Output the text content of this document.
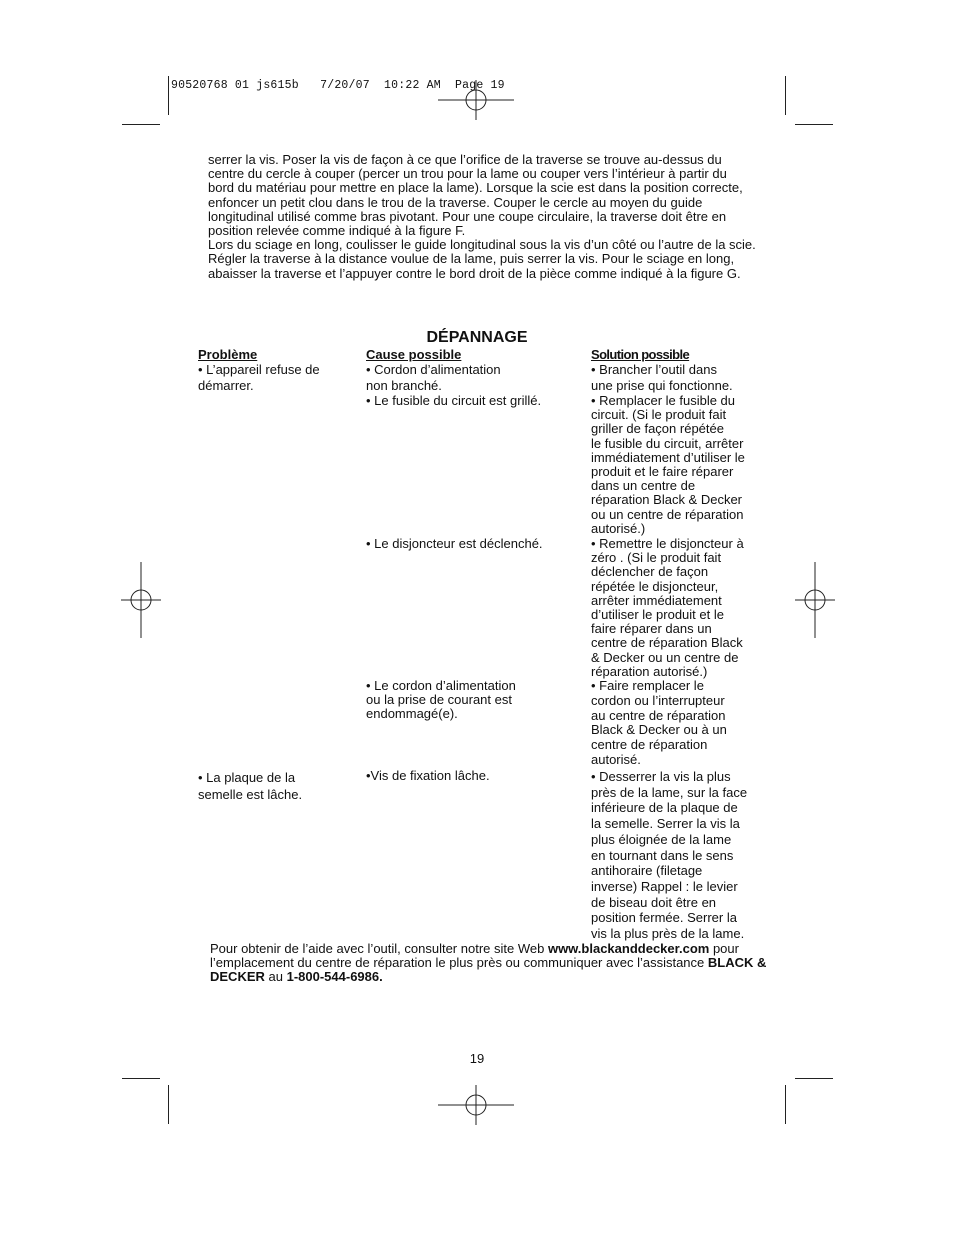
90520768 01 js615b   7/20/07  10:22 AM  Page 19

serrer la vis. Poser la vis de façon à ce que l’orifice de la traverse se trouve au-dessus du centre du cercle à couper (percer un trou pour la lame ou couper vers l’intérieur à partir du bord du matériau pour mettre en place la lame). Lorsque la scie est dans la position correcte, enfoncer un petit clou dans le trou de la traverse. Couper le cercle au moyen du guide longitudinal utilisé comme bras pivotant. Pour une coupe circulaire, la traverse doit être en position relevée comme indiqué à la figure F.

Lors du sciage en long, coulisser le guide longitudinal sous la vis d’un côté ou l’autre de la scie. Régler la traverse à la distance voulue de la lame, puis serrer la vis. Pour le sciage en long, abaisser la traverse et l’appuyer contre le bord droit de la pièce comme indiqué à la figure G.

DÉPANNAGE
Problème	Cause possible	Solution possible
• L’appareil refuse de
démarrer.
• La plaque de la
semelle est lâche.
• Cordon d’alimentation
non branché.
• Le fusible du circuit est grillé.
• Le disjoncteur est déclenché.
• Le cordon d’alimentation
ou la prise de courant est
endommagé(e).
•Vis de fixation lâche.
• Brancher l’outil dans
une prise qui fonctionne.
• Remplacer le fusible du
circuit. (Si le produit fait
griller de façon répétée
le fusible du circuit, arrêter
immédiatement d’utiliser le
produit et le faire réparer
dans un centre de
réparation Black & Decker
ou un centre de réparation
autorisé.)
• Remettre le disjoncteur à
zéro . (Si le produit fait
déclencher de façon
répétée le disjoncteur,
arrêter immédiatement
d’utiliser le produit et le
faire réparer dans un
centre de réparation Black
& Decker ou un centre de
réparation autorisé.)
• Faire remplacer le
cordon ou l’interrupteur
au centre de réparation
Black & Decker ou à un
centre de réparation
autorisé.
• Desserrer la vis la plus
près de la lame, sur la face
inférieure de la plaque de
la semelle. Serrer la vis la
plus éloignée de la lame
en tournant dans le sens
antihoraire (filetage
inverse) Rappel : le levier
de biseau doit être en
position fermée. Serrer la
vis la plus près de la lame.

Pour obtenir de l’aide avec l’outil, consulter notre site Web www.blackanddecker.com pour l’emplacement du centre de réparation le plus près ou communiquer avec l’assistance BLACK & DECKER au 1-800-544-6986.

19
